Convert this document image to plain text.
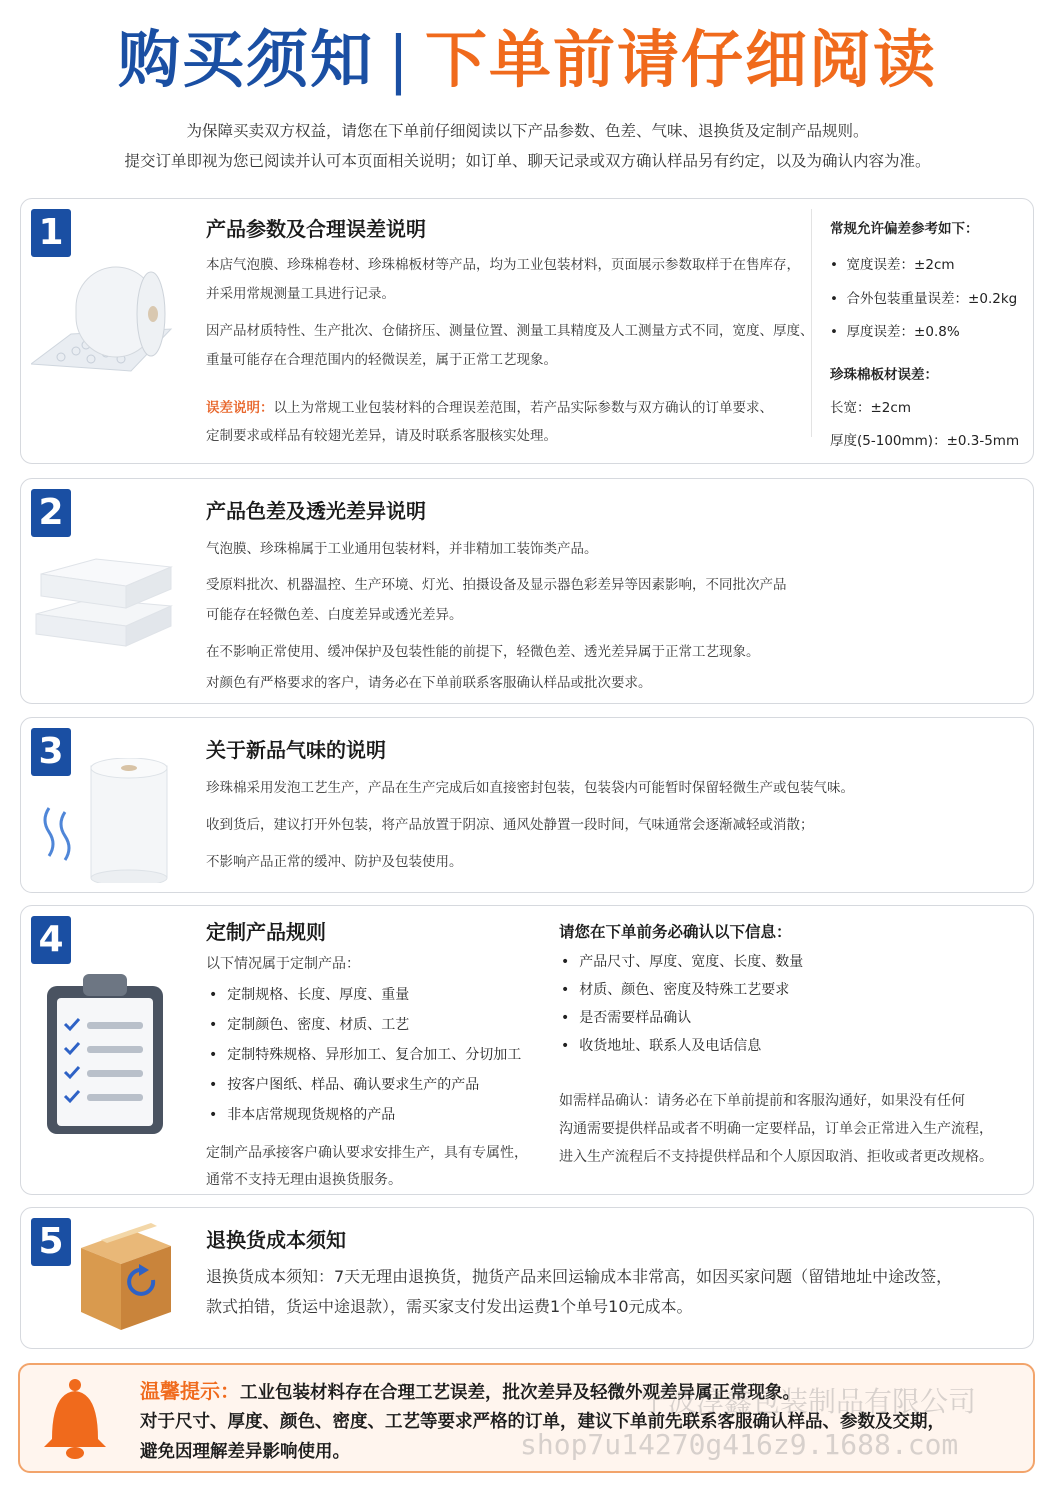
购买须知 | 下单前请仔细阅读
为保障买卖双方权益，请您在下单前仔细阅读以下产品参数、色差、气味、退换货及定制产品规则。
提交订单即视为您已阅读并认可本页面相关说明；如订单、聊天记录或双方确认样品另有约定，以及为确认内容为准。
1	产品参数及合理误差说明
本店气泡膜、珍珠棉卷材、珍珠棉板材等产品，均为工业包装材料，页面展示参数取样于在售库存，
并采用常规测量工具进行记录。
因产品材质特性、生产批次、仓储挤压、测量位置、测量工具精度及人工测量方式不同，宽度、厚度、
重量可能存在合理范围内的轻微误差，属于正常工艺现象。
误差说明：以上为常规工业包装材料的合理误差范围，若产品实际参数与双方确认的订单要求、
定制要求或样品有较翅光差异，请及时联系客服核实处理。
常规允许偏差参考如下：
•  宽度误差：±2cm
•  合外包装重量误差：±0.2kg
•  厚度误差：±0.8%
珍珠棉板材误差：
长宽：±2cm
厚度(5-100mm)：±0.3-5mm
2	产品色差及透光差异说明
气泡膜、珍珠棉属于工业通用包装材料，并非精加工装饰类产品。
受原料批次、机器温控、生产环境、灯光、拍摄设备及显示器色彩差异等因素影响，不同批次产品
可能存在轻微色差、白度差异或透光差异。
在不影响正常使用、缓冲保护及包装性能的前提下，轻微色差、透光差异属于正常工艺现象。
对颜色有严格要求的客户，请务必在下单前联系客服确认样品或批次要求。
3	关于新品气味的说明
珍珠棉采用发泡工艺生产，产品在生产完成后如直接密封包装，包装袋内可能暂时保留轻微生产或包装气味。
收到货后，建议打开外包装，将产品放置于阴凉、通风处静置一段时间，气味通常会逐渐减轻或消散；
不影响产品正常的缓冲、防护及包装使用。
4	定制产品规则
以下情况属于定制产品：
• 定制规格、长度、厚度、重量
• 定制颜色、密度、材质、工艺
• 定制特殊规格、异形加工、复合加工、分切加工
• 按客户图纸、样品、确认要求生产的产品
• 非本店常规现货规格的产品
定制产品承接客户确认要求安排生产，具有专属性，
通常不支持无理由退换货服务。
请您在下单前务必确认以下信息：
• 产品尺寸、厚度、宽度、长度、数量
• 材质、颜色、密度及特殊工艺要求
• 是否需要样品确认
• 收货地址、联系人及电话信息
如需样品确认：请务必在下单前提前和客服沟通好，如果没有任何
沟通需要提供样品或者不明确一定要样品，订单会正常进入生产流程，
进入生产流程后不支持提供样品和个人原因取消、拒收或者更改规格。
5	退换货成本须知
退换货成本须知：7天无理由退换货，抛货产品来回运输成本非常高，如因买家问题（留错地址中途改签，
款式拍错，货运中途退款），需买家支付发出运费1个单号10元成本。
温馨提示：工业包装材料存在合理工艺误差，批次差异及轻微外观差异属正常现象。
对于尺寸、厚度、颜色、密度、工艺等要求严格的订单，建议下单前先联系客服确认样品、参数及交期，
避免因理解差异影响使用。
宁波淳鑫包装制品有限公司
shop7u14270g416z9.1688.com
